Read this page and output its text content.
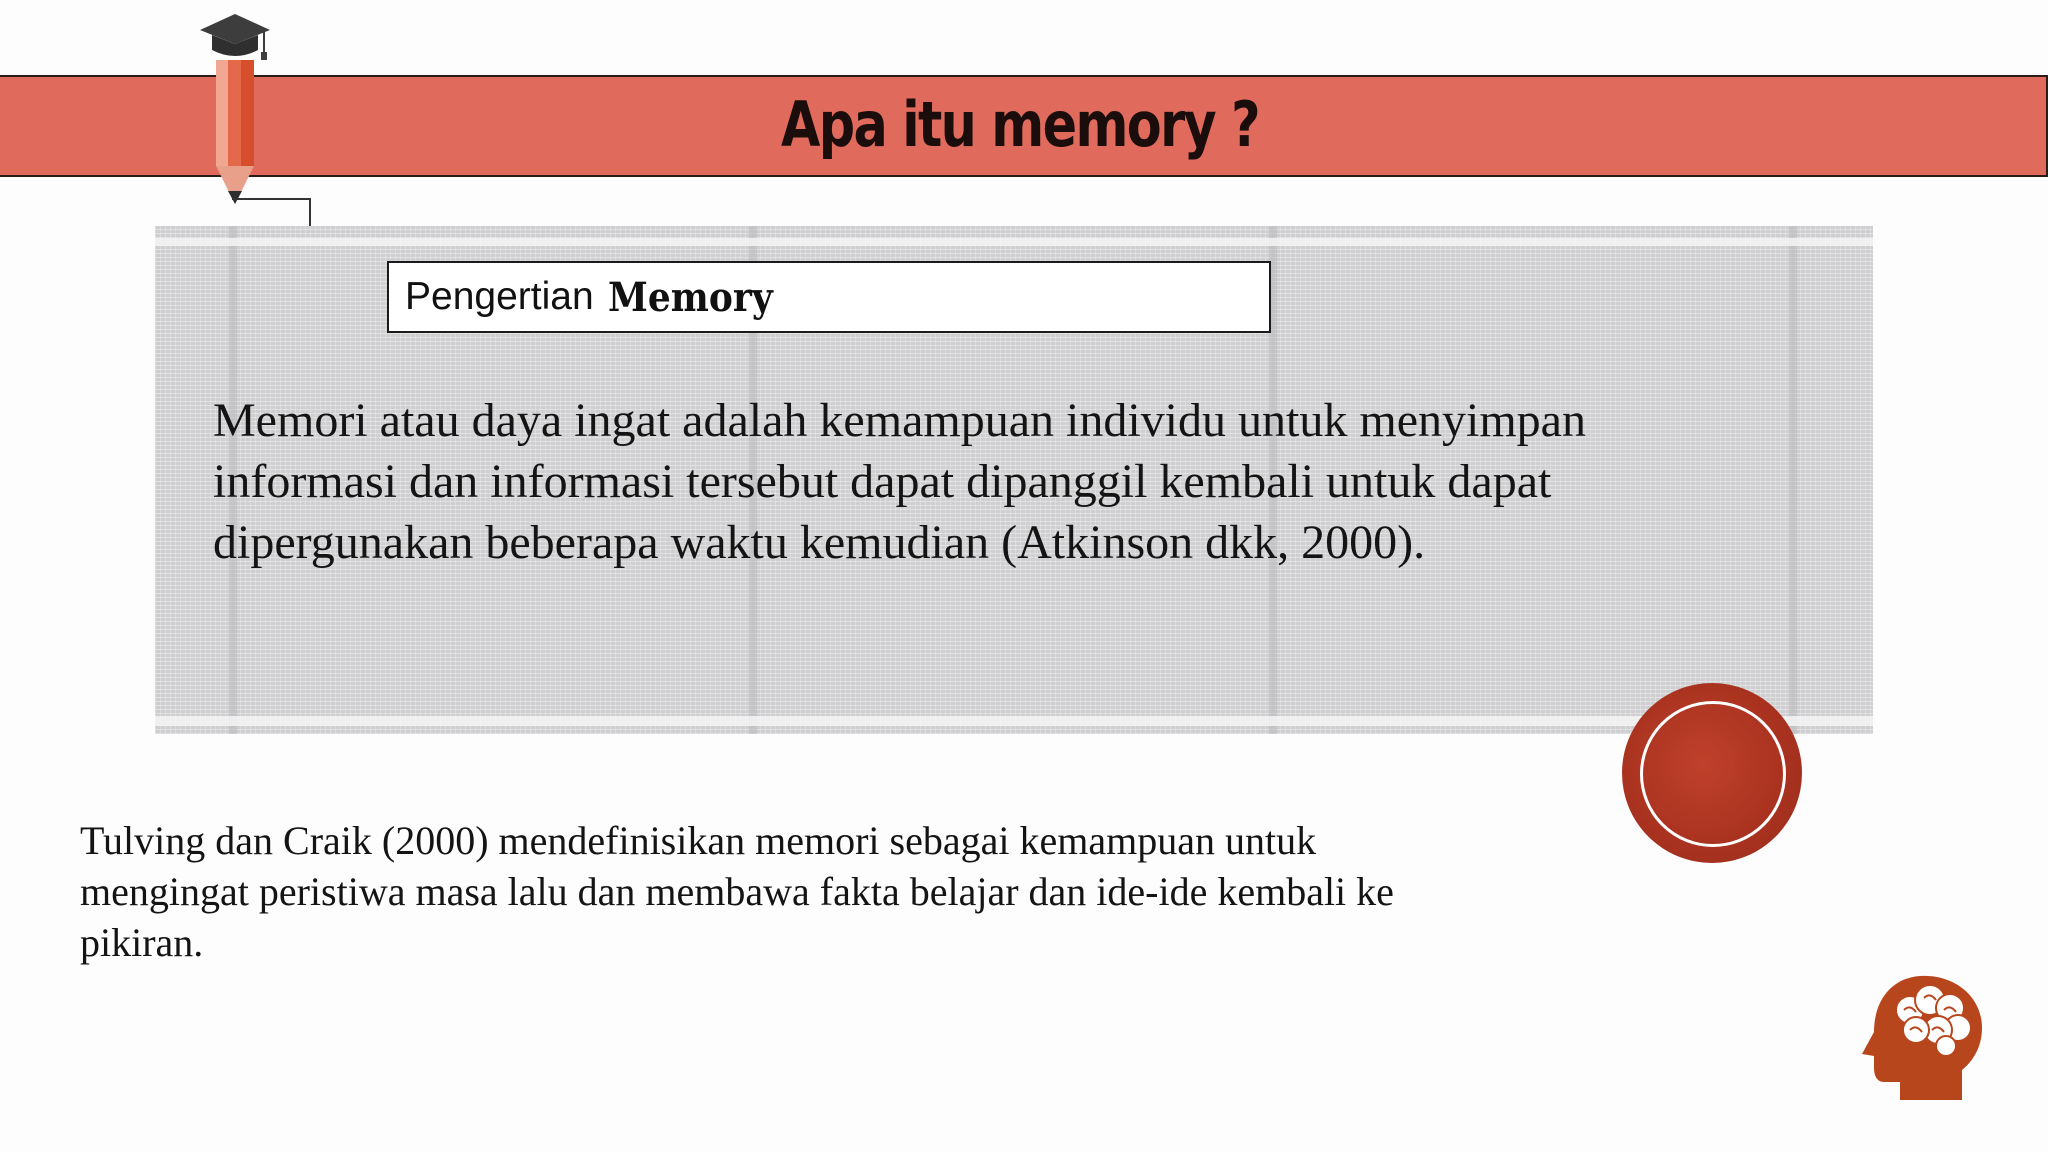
Apa itu memory ?
Pengertian Memory
Memori atau daya ingat adalah kemampuan individu untuk menyimpan informasi dan informasi tersebut dapat dipanggil kembali untuk dapat dipergunakan beberapa waktu kemudian (Atkinson dkk, 2000).
Tulving dan Craik (2000) mendefinisikan memori sebagai kemampuan untuk mengingat peristiwa masa lalu dan membawa fakta belajar dan ide-ide kembali ke pikiran.
